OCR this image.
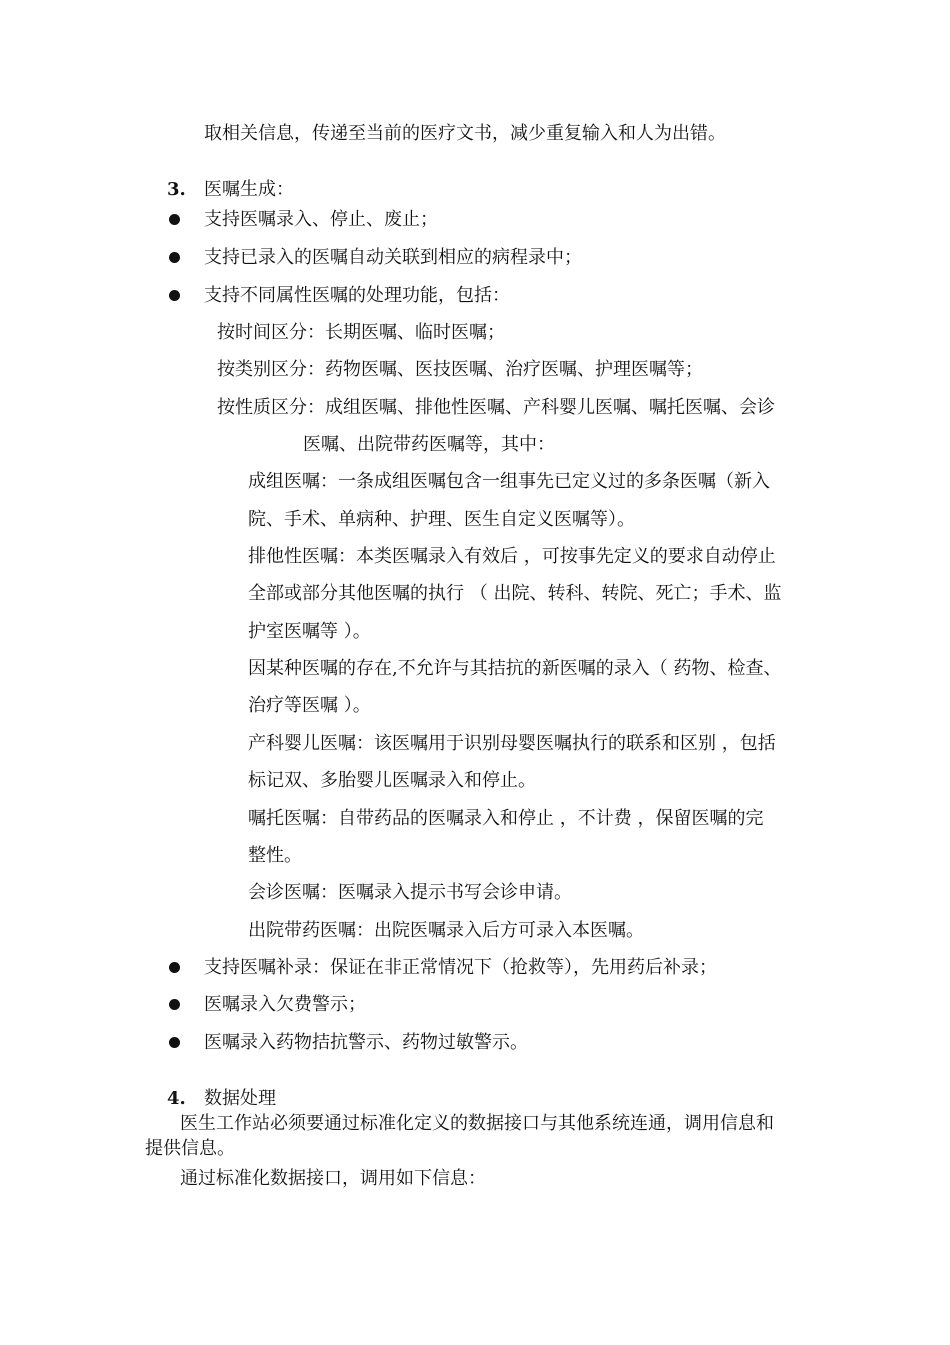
取相关信息，传递至当前的医疗文书，减少重复输入和人为出错。
3. 医嘱生成：
支持医嘱录入、停止、废止；
支持已录入的医嘱自动关联到相应的病程录中；
支持不同属性医嘱的处理功能，包括：
按时间区分：长期医嘱、临时医嘱；
按类别区分：药物医嘱、医技医嘱、治疗医嘱、护理医嘱等；
按性质区分：成组医嘱、排他性医嘱、产科婴儿医嘱、嘱托医嘱、会诊
医嘱、出院带药医嘱等，其中：
成组医嘱：一条成组医嘱包含一组事先已定义过的多条医嘱（新入
院、手术、单病种、护理、医生自定义医嘱等）。
排他性医嘱：本类医嘱录入有效后 ，可按事先定义的要求自动停止
全部或部分其他医嘱的执行 （ 出院、转科、转院、死亡；手术、监
护室医嘱等 ）。
因某种医嘱的存在,不允许与其拮抗的新医嘱的录入（ 药物、检查、
治疗等医嘱 ）。
产科婴儿医嘱：该医嘱用于识别母婴医嘱执行的联系和区别 ，包括
标记双、多胎婴儿医嘱录入和停止。
嘱托医嘱：自带药品的医嘱录入和停止 ，不计费 ，保留医嘱的完
整性。
会诊医嘱：医嘱录入提示书写会诊申请。
出院带药医嘱：出院医嘱录入后方可录入本医嘱。
支持医嘱补录：保证在非正常情况下（抢救等），先用药后补录；
医嘱录入欠费警示；
医嘱录入药物拮抗警示、药物过敏警示。
4. 数据处理
医生工作站必须要通过标准化定义的数据接口与其他系统连通，调用信息和
提供信息。
通过标准化数据接口，调用如下信息：
